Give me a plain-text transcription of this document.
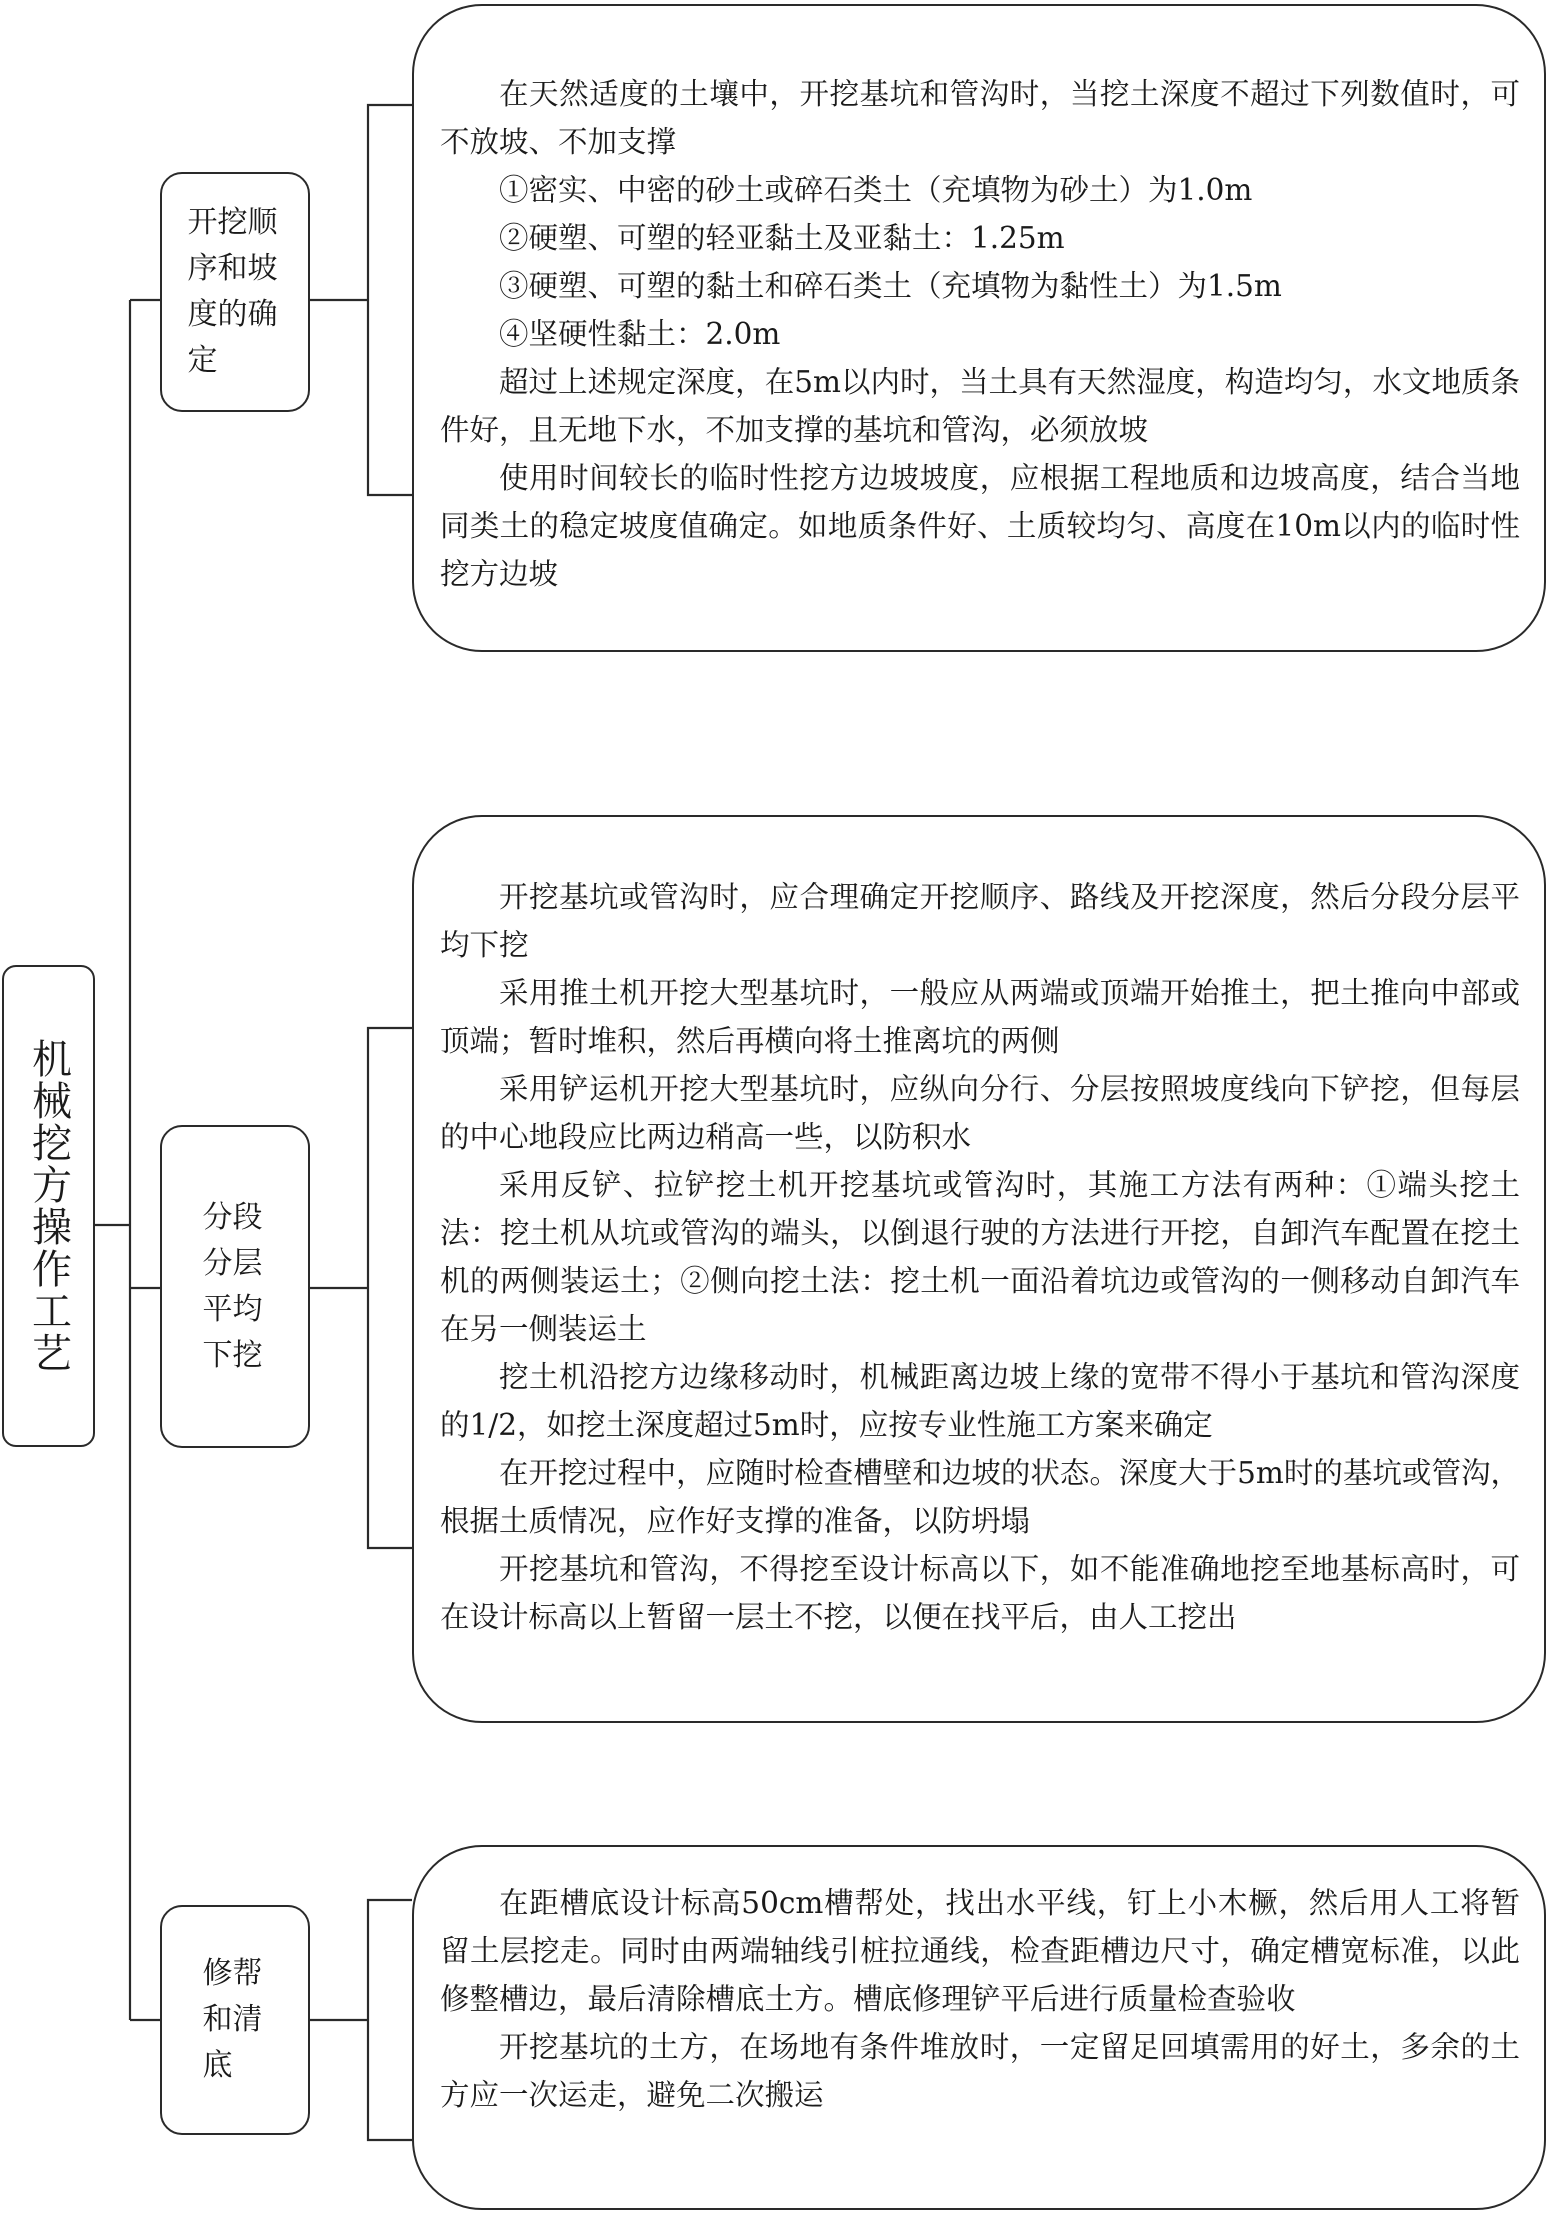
机械挖方操作工艺
开挖顺序和坡度的确定
分段分层平均下挖
修帮和清底

在天然适度的土壤中，开挖基坑和管沟时，当挖土深度不超过下列数值时，可不放坡、不加支撑

①密实、中密的砂土或碎石类土（充填物为砂土）为1.0m

②硬塑、可塑的轻亚黏土及亚黏土：1.25m

③硬塑、可塑的黏土和碎石类土（充填物为黏性土）为1.5m

④坚硬性黏土：2.0m

超过上述规定深度，在5m以内时，当土具有天然湿度，构造均匀，水文地质条件好，且无地下水，不加支撑的基坑和管沟，必须放坡

使用时间较长的临时性挖方边坡坡度，应根据工程地质和边坡高度，结合当地同类土的稳定坡度值确定。如地质条件好、土质较均匀、高度在10m以内的临时性挖方边坡

开挖基坑或管沟时，应合理确定开挖顺序、路线及开挖深度，然后分段分层平均下挖

采用推土机开挖大型基坑时，一般应从两端或顶端开始推土，把土推向中部或顶端；暂时堆积，然后再横向将土推离坑的两侧

采用铲运机开挖大型基坑时，应纵向分行、分层按照坡度线向下铲挖，但每层的中心地段应比两边稍高一些，以防积水

采用反铲、拉铲挖土机开挖基坑或管沟时，其施工方法有两种：①端头挖土法：挖土机从坑或管沟的端头，以倒退行驶的方法进行开挖，自卸汽车配置在挖土机的两侧装运土；②侧向挖土法：挖土机一面沿着坑边或管沟的一侧移动自卸汽车在另一侧装运土

挖土机沿挖方边缘移动时，机械距离边坡上缘的宽带不得小于基坑和管沟深度的1/2，如挖土深度超过5m时，应按专业性施工方案来确定

在开挖过程中，应随时检查槽壁和边坡的状态。深度大于5m时的基坑或管沟，根据土质情况，应作好支撑的准备，以防坍塌

开挖基坑和管沟，不得挖至设计标高以下，如不能准确地挖至地基标高时，可在设计标高以上暂留一层土不挖，以便在找平后，由人工挖出

在距槽底设计标高50cm槽帮处，找出水平线，钉上小木橛，然后用人工将暂留土层挖走。同时由两端轴线引桩拉通线，检查距槽边尺寸，确定槽宽标准，以此修整槽边，最后清除槽底土方。槽底修理铲平后进行质量检查验收

开挖基坑的土方，在场地有条件堆放时，一定留足回填需用的好土，多余的土方应一次运走，避免二次搬运
